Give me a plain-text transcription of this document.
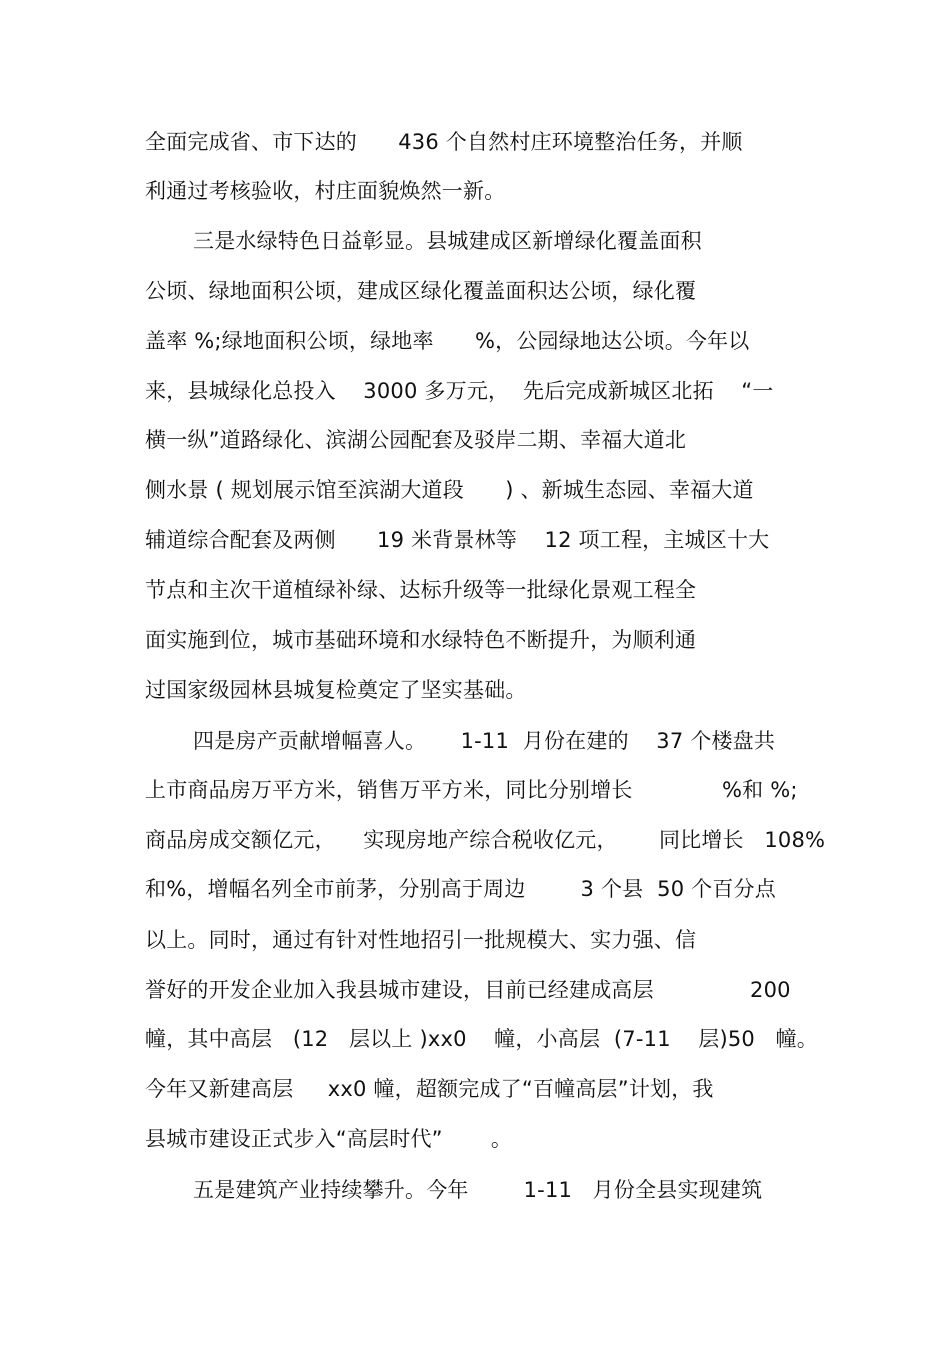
全面完成省、市下达的      436 个自然村庄环境整治任务，并顺
利通过考核验收，村庄面貌焕然一新。
三是水绿特色日益彰显。县城建成区新增绿化覆盖面积
公顷、绿地面积公顷，建成区绿化覆盖面积达公顷，绿化覆
盖率 %;绿地面积公顷，绿地率      %，公园绿地达公顷。今年以
来，县城绿化总投入    3000 多万元，  先后完成新城区北拓    “一
横一纵”道路绿化、滨湖公园配套及驳岸二期、幸福大道北
侧水景 ( 规划展示馆至滨湖大道段      ) 、新城生态园、幸福大道
辅道综合配套及两侧      19 米背景林等    12 项工程，主城区十大
节点和主次干道植绿补绿、达标升级等一批绿化景观工程全
面实施到位，城市基础环境和水绿特色不断提升，为顺利通
过国家级园林县城复检奠定了坚实基础。
四是房产贡献增幅喜人。     1-11  月份在建的    37 个楼盘共
上市商品房万平方米，销售万平方米，同比分别增长             %和 %;
商品房成交额亿元，    实现房地产综合税收亿元，      同比增长   108%
和%，增幅名列全市前茅，分别高于周边        3 个县  50 个百分点
以上。同时，通过有针对性地招引一批规模大、实力强、信
誉好的开发企业加入我县城市建设，目前已经建成高层              200
幢，其中高层   (12   层以上 )xx0    幢，小高层  (7-11    层)50   幢。
今年又新建高层     xx0 幢，超额完成了“百幢高层”计划，我
县城市建设正式步入“高层时代”       。
五是建筑产业持续攀升。今年        1-11   月份全县实现建筑
